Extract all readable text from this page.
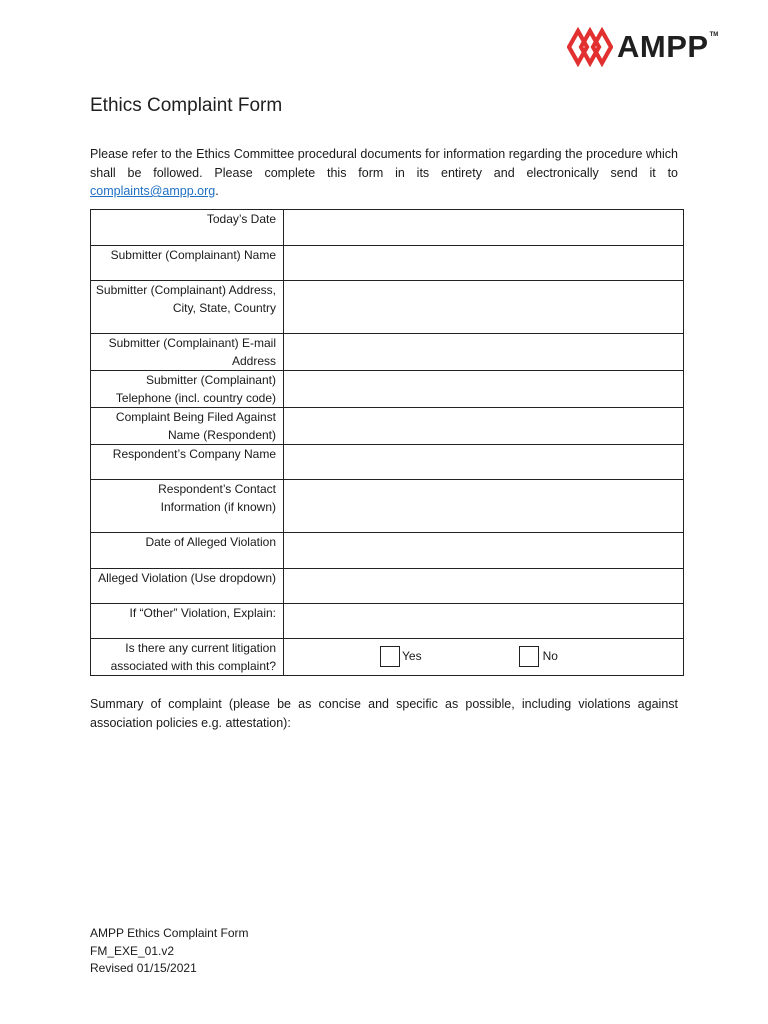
AMPP TM
Ethics Complaint Form

Please refer to the Ethics Committee procedural documents for information regarding the procedure which shall be followed. Please complete this form in its entirety and electronically send it to complaints@ampp.org.

Today’s Date	
Submitter (Complainant) Name	
Submitter (Complainant) Address, City, State, Country	
Submitter (Complainant) E-mail Address	
Submitter (Complainant) Telephone (incl. country code)	
Complaint Being Filed Against Name (Respondent)	
Respondent’s Company Name	
Respondent’s Contact Information (if known)	
Date of Alleged Violation	
Alleged Violation (Use dropdown)	
If “Other” Violation, Explain:	
Is there any current litigation associated with this complaint?	Yes No

Summary of complaint (please be as concise and specific as possible, including violations against association policies e.g. attestation):

AMPP Ethics Complaint Form
FM_EXE_01.v2
Revised 01/15/2021
